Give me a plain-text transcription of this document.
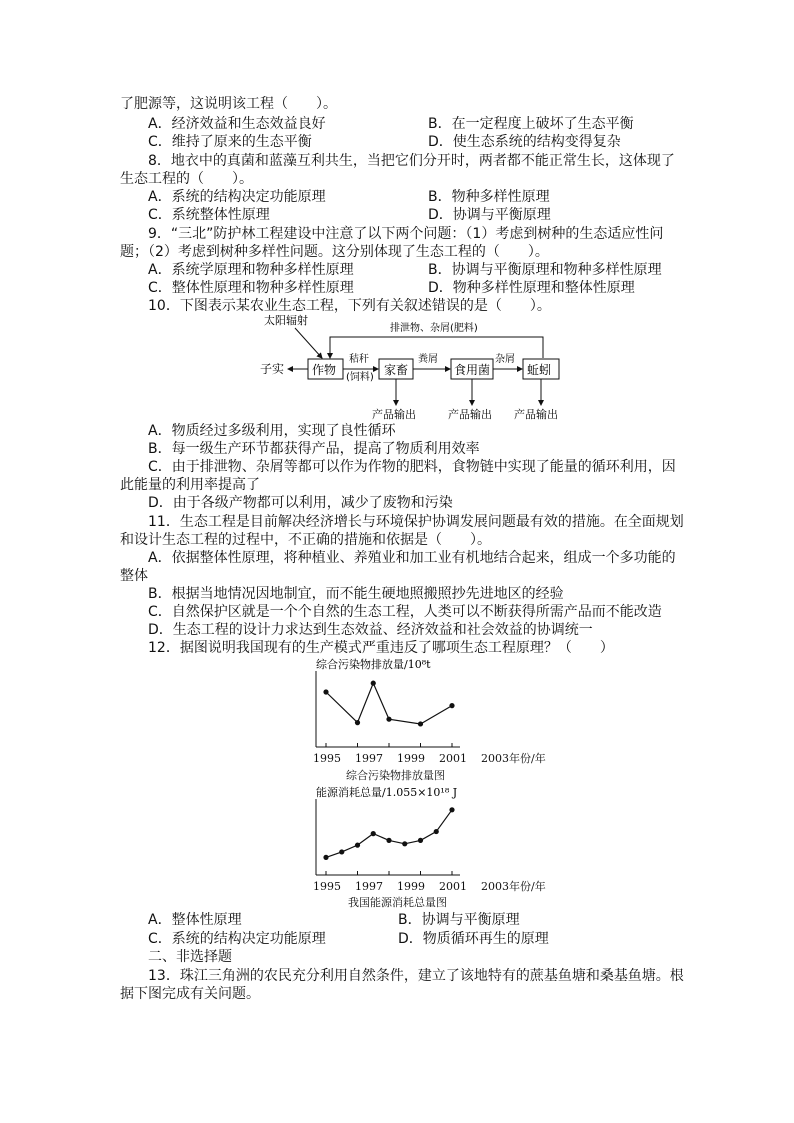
了肥源等，这说明该工程（　　）。
A．经济效益和生态效益良好	B．在一定程度上破坏了生态平衡
C．维持了原来的生态平衡	D．使生态系统的结构变得复杂
8．地衣中的真菌和蓝藻互利共生，当把它们分开时，两者都不能正常生长，这体现了
生态工程的（　　）。
A．系统的结构决定功能原理	B．物种多样性原理
C．系统整体性原理	D．协调与平衡原理
9．“三北”防护林工程建设中注意了以下两个问题：（1）考虑到树种的生态适应性问
题；（2）考虑到树种多样性问题。这分别体现了生态工程的（　　）。
A．系统学原理和物种多样性原理	B．协调与平衡原理和物种多样性原理
C．整体性原理和物种多样性原理	D．物种多样性原理和整体性原理
10．下图表示某农业生态工程，下列有关叙述错误的是（　　）。
太阳辐射
排泄物、杂屑(肥料)
子实 作物
秸秆
(饲料)
家畜
粪屑
食用菌
杂屑
蚯蚓
产品输出	产品输出 产品输出
A．物质经过多级利用，实现了良性循环
B．每一级生产环节都获得产品，提高了物质利用效率
C．由于排泄物、杂屑等都可以作为作物的肥料，食物链中实现了能量的循环利用，因
此能量的利用率提高了
D．由于各级产物都可以利用，减少了废物和污染
11．生态工程是目前解决经济增长与环境保护协调发展问题最有效的措施。在全面规划
和设计生态工程的过程中，不正确的措施和依据是（　　）。
A．依据整体性原理，将种植业、养殖业和加工业有机地结合起来，组成一个多功能的
整体
B．根据当地情况因地制宜，而不能生硬地照搬照抄先进地区的经验
C．自然保护区就是一个个自然的生态工程，人类可以不断获得所需产品而不能改造
D．生态工程的设计力求达到生态效益、经济效益和社会效益的协调统一
12．据图说明我国现有的生产模式严重违反了哪项生态工程原理？（　　）
综合污染物排放量/10⁸t
1995 1997 1999 2001 2003年份/年
综合污染物排放量图
能源消耗总量/1.055×10¹⁸ J
1995 1997 1999 2001 2003年份/年
我国能源消耗总量图
A．整体性原理	B．协调与平衡原理
C．系统的结构决定功能原理	D．物质循环再生的原理
二、非选择题
13．珠江三角洲的农民充分利用自然条件，建立了该地特有的蔗基鱼塘和桑基鱼塘。根
据下图完成有关问题。
